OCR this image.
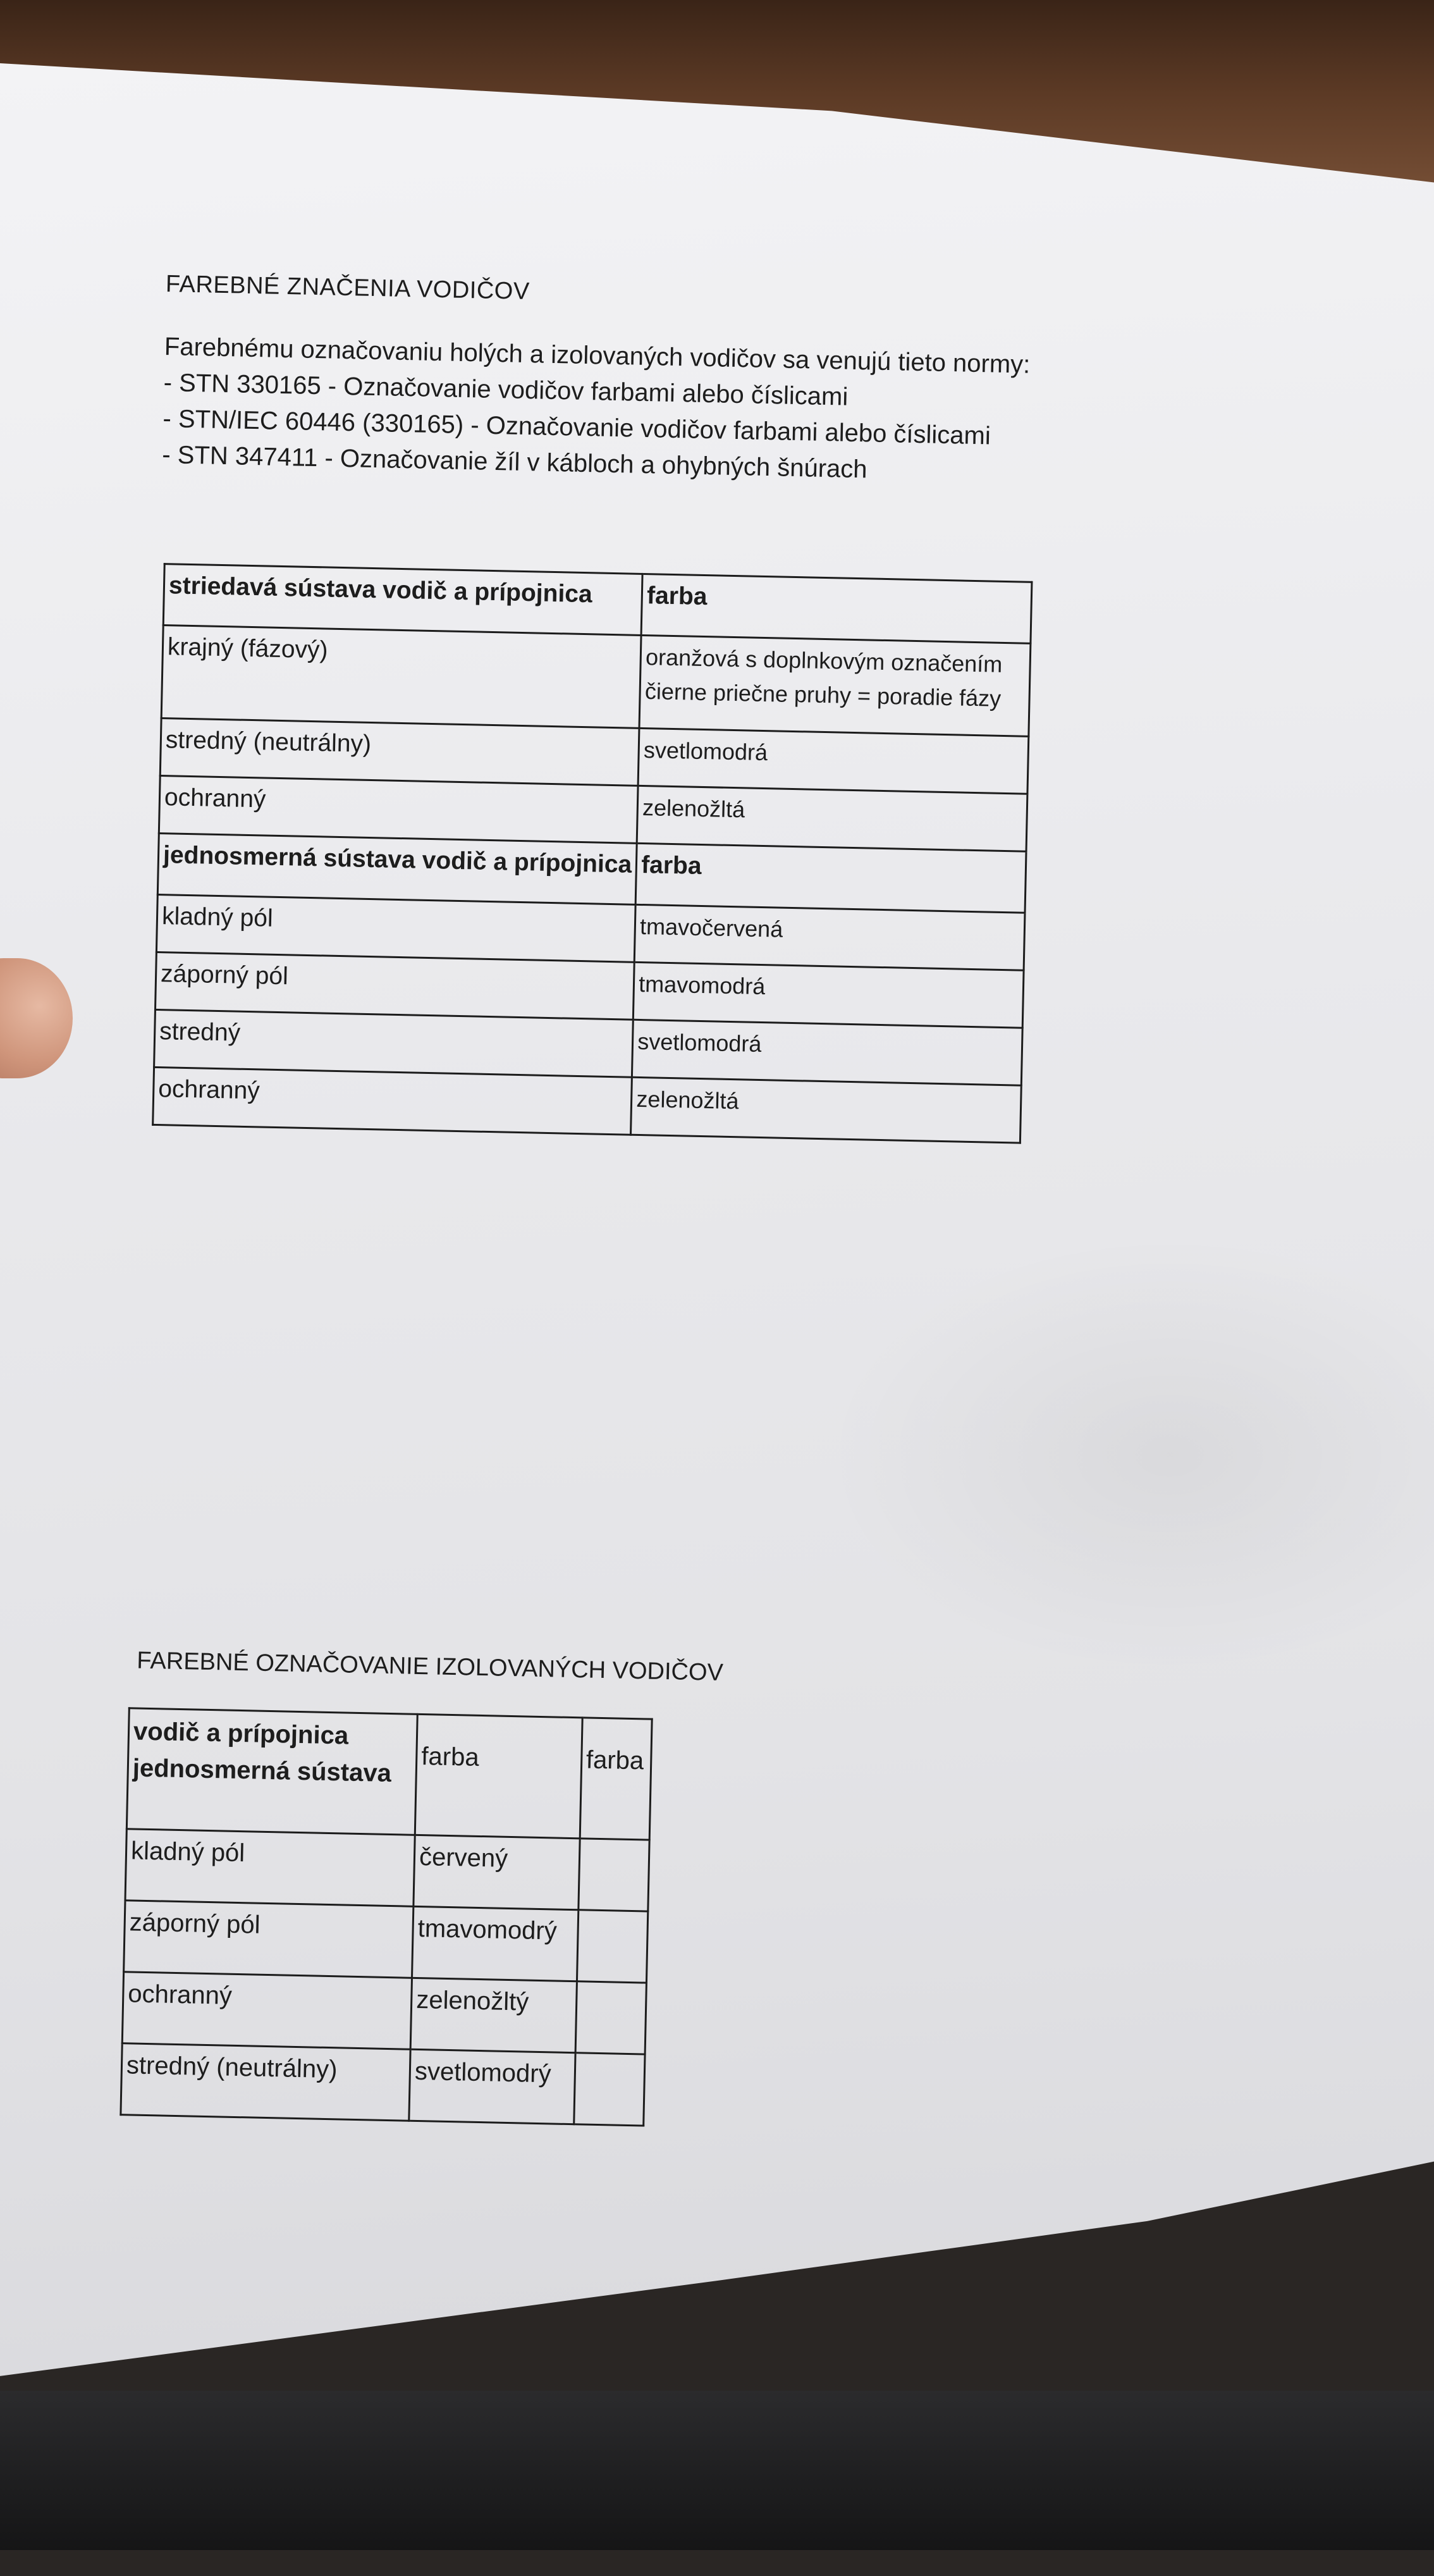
FAREBNÉ ZNAČENIA VODIČOV
Farebnému označovaniu holých a izolovaných vodičov sa venujú tieto normy:
- STN 330165 - Označovanie vodičov farbami alebo číslicami
- STN/IEC 60446 (330165) - Označovanie vodičov farbami alebo číslicami
- STN 347411 - Označovanie žíl v kábloch a ohybných šnúrach
striedavá sústava vodič a prípojnica	farba
krajný (fázový)	oranžová s doplnkovým označením
čierne priečne pruhy = poradie fázy

stredný (neutrálny)	svetlomodrá
ochranný	zelenožltá
jednosmerná sústava vodič a prípojnica	farba
kladný pól	tmavočervená
záporný pól	tmavomodrá
stredný	svetlomodrá
ochranný	zelenožltá
FAREBNÉ OZNAČOVANIE IZOLOVANÝCH VODIČOV
vodič a prípojnica
jednosmerná sústava	farba	farba
kladný pól	červený	
záporný pól	tmavomodrý	
ochranný	zelenožltý	
stredný (neutrálny)	svetlomodrý	
